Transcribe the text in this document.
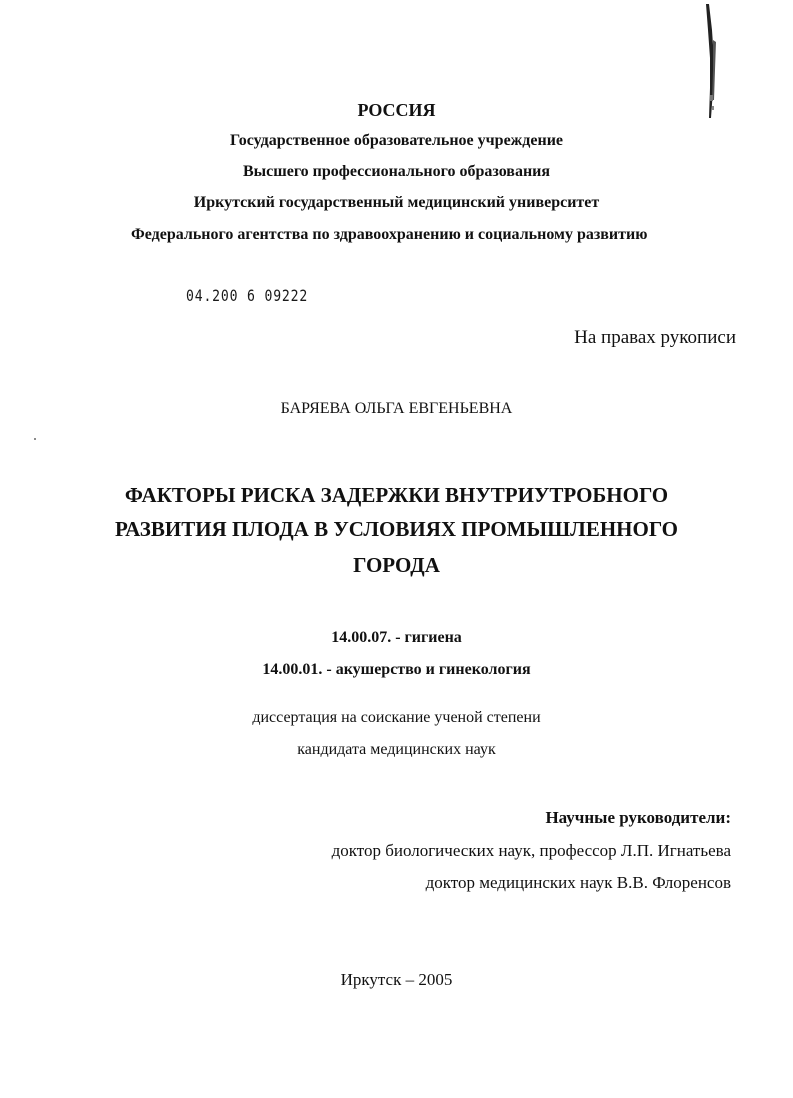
РОССИЯ
Государственное образовательное учреждение
Высшего профессионального образования
Иркутский государственный медицинский университет
Федерального агентства по здравоохранению и социальному развитию
04.200 6 09222
На правах рукописи
БАРЯЕВА ОЛЬГА ЕВГЕНЬЕВНА
ФАКТОРЫ РИСКА ЗАДЕРЖКИ ВНУТРИУТРОБНОГО
РАЗВИТИЯ ПЛОДА В УСЛОВИЯХ ПРОМЫШЛЕННОГО
ГОРОДА
14.00.07. - гигиена
14.00.01. - акушерство и гинекология
диссертация на соискание ученой степени
кандидата медицинских наук
Научные руководители:
доктор биологических наук, профессор Л.П. Игнатьева
доктор медицинских наук В.В. Флоренсов
Иркутск – 2005
